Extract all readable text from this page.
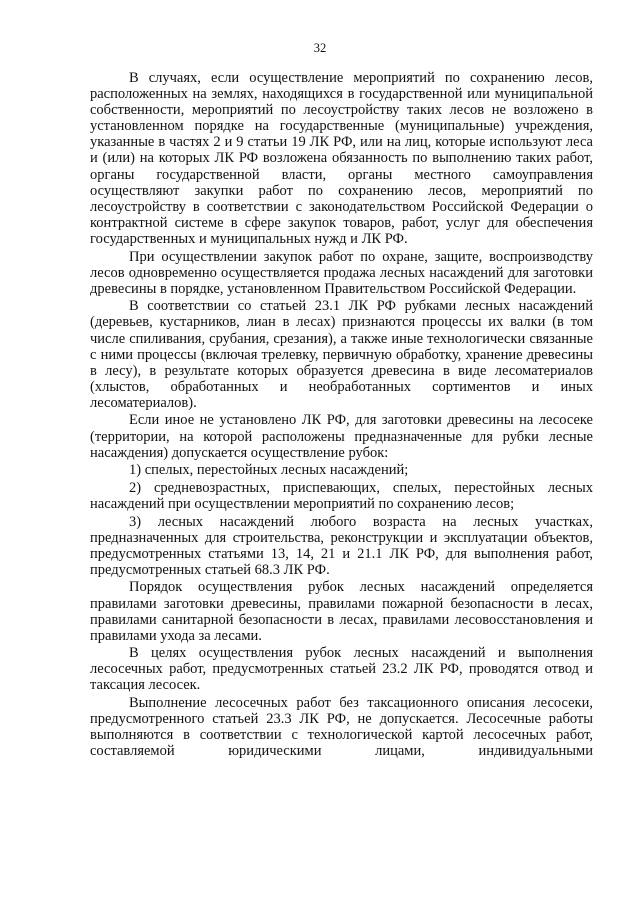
32

В случаях, если осуществление мероприятий по сохранению лесов, расположенных на землях, находящихся в государственной или муниципальной собственности, мероприятий по лесоустройству таких лесов не возложено в установленном порядке на государственные (муниципальные) учреждения, указанные в частях 2 и 9 статьи 19 ЛК РФ, или на лиц, которые используют леса и (или) на которых ЛК РФ возложена обязанность по выполнению таких работ, органы государственной власти, органы местного самоуправления осуществляют закупки работ по сохранению лесов, мероприятий по лесоустройству в соответствии с законодательством Российской Федерации о контрактной системе в сфере закупок товаров, работ, услуг для обеспечения государственных и муниципальных нужд и ЛК РФ.

При осуществлении закупок работ по охране, защите, воспроизводству лесов одновременно осуществляется продажа лесных насаждений для заготовки древесины в порядке, установленном Правительством Российской Федерации.

В соответствии со статьей 23.1 ЛК РФ рубками лесных насаждений (деревьев, кустарников, лиан в лесах) признаются процессы их валки (в том числе спиливания, срубания, срезания), а также иные технологически связанные с ними процессы (включая трелевку, первичную обработку, хранение древесины в лесу), в результате которых образуется древесина в виде лесоматериалов (хлыстов, обработанных и необработанных сортиментов и иных лесоматериалов).

Если иное не установлено ЛК РФ, для заготовки древесины на лесосеке (территории, на которой расположены предназначенные для рубки лесные насаждения) допускается осуществление рубок:

1) спелых, перестойных лесных насаждений;

2) средневозрастных, приспевающих, спелых, перестойных лесных насаждений при осуществлении мероприятий по сохранению лесов;

3) лесных насаждений любого возраста на лесных участках, предназначенных для строительства, реконструкции и эксплуатации объектов, предусмотренных статьями 13, 14, 21 и 21.1 ЛК РФ, для выполнения работ, предусмотренных статьей 68.3 ЛК РФ.

Порядок осуществления рубок лесных насаждений определяется правилами заготовки древесины, правилами пожарной безопасности в лесах, правилами санитарной безопасности в лесах, правилами лесовосстановления и правилами ухода за лесами.

В целях осуществления рубок лесных насаждений и выполнения лесосечных работ, предусмотренных статьей 23.2 ЛК РФ, проводятся отвод и таксация лесосек.

Выполнение лесосечных работ без таксационного описания лесосеки, предусмотренного статьей 23.3 ЛК РФ, не допускается. Лесосечные работы выполняются в соответствии с технологической картой лесосечных работ, составляемой юридическими лицами, индивидуальными
